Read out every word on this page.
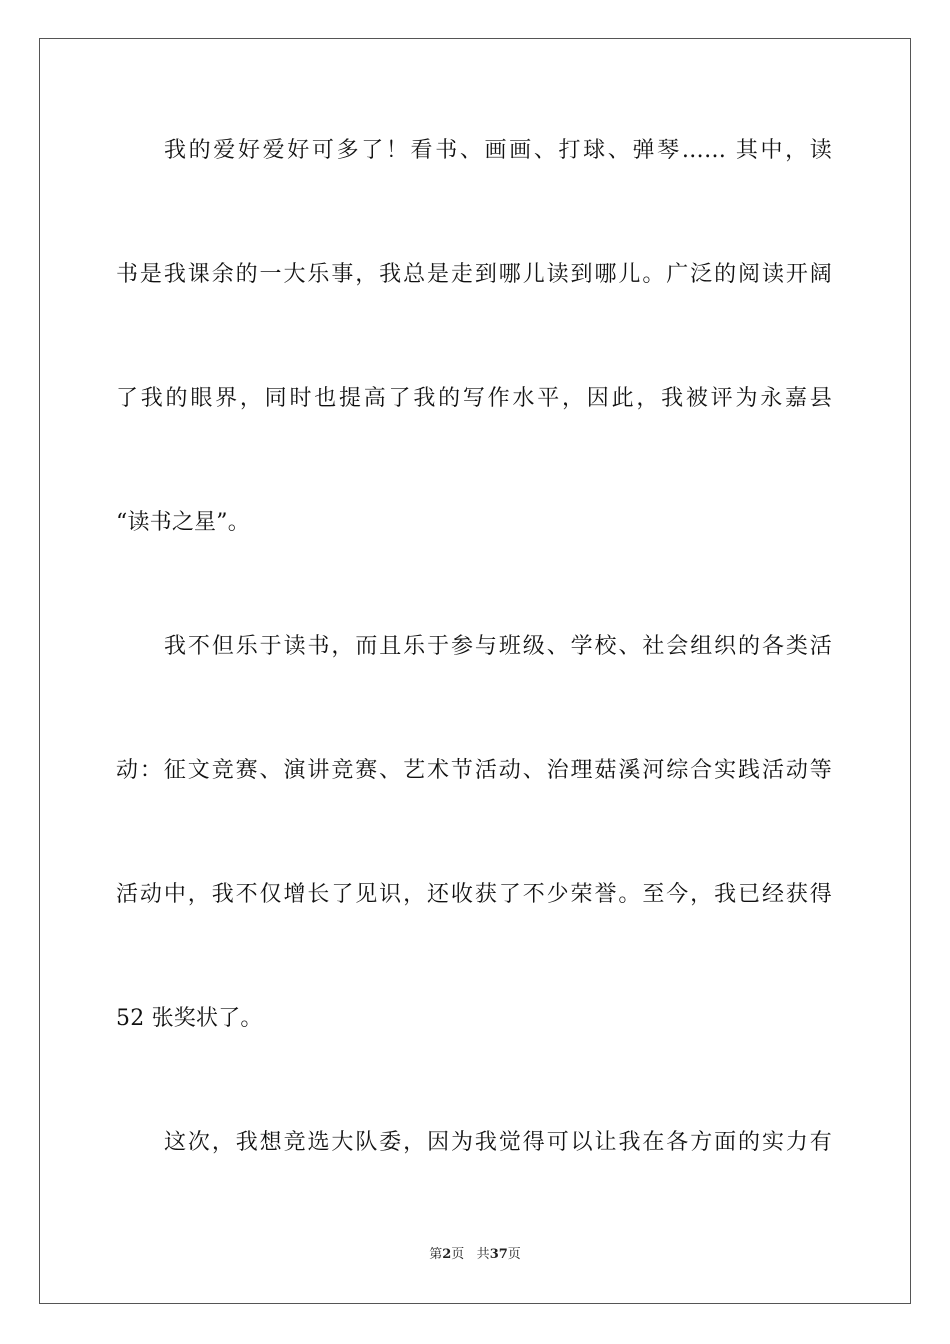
我的爱好爱好可多了！看书、画画、打球、弹琴…… 其中，读
书是我课余的一大乐事，我总是走到哪儿读到哪儿。广泛的阅读开阔
了我的眼界，同时也提高了我的写作水平，因此，我被评为永嘉县
“读书之星”。
我不但乐于读书，而且乐于参与班级、学校、社会组织的各类活
动：征文竞赛、演讲竞赛、艺术节活动、治理菇溪河综合实践活动等
活动中，我不仅增长了见识，还收获了不少荣誉。至今，我已经获得
52 张奖状了。
这次，我想竞选大队委，因为我觉得可以让我在各方面的实力有
第2页 共37页
